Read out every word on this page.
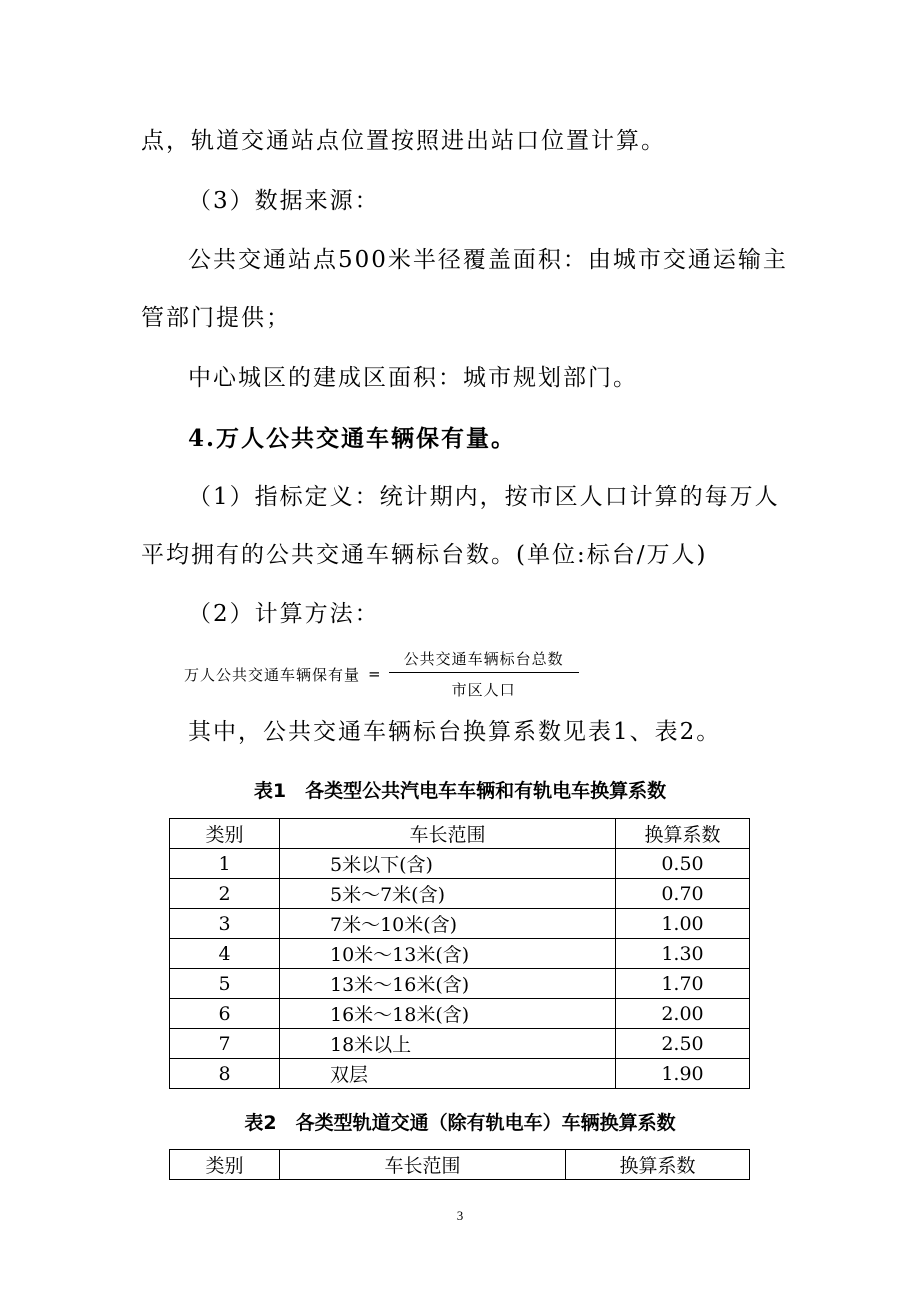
点，轨道交通站点位置按照进出站口位置计算。
（3）数据来源：
公共交通站点500米半径覆盖面积：由城市交通运输主
管部门提供；
中心城区的建成区面积：城市规划部门。
4.万人公共交通车辆保有量。
（1）指标定义：统计期内，按市区人口计算的每万人
平均拥有的公共交通车辆标台数。(单位:标台/万人)
（2）计算方法：
万人公共交通车辆保有量 = $\frac{\text{公共交通车辆标台总数}}{\text{市区人口}}$
其中，公共交通车辆标台换算系数见表1、表2。
表1　各类型公共汽电车车辆和有轨电车换算系数
类别	车长范围	换算系数
1	5米以下(含)	0.50
2	5米～7米(含)	0.70
3	7米～10米(含)	1.00
4	10米～13米(含)	1.30
5	13米～16米(含)	1.70
6	16米～18米(含)	2.00
7	18米以上	2.50
8	双层	1.90
表2　各类型轨道交通（除有轨电车）车辆换算系数
类别	车长范围	换算系数
3
